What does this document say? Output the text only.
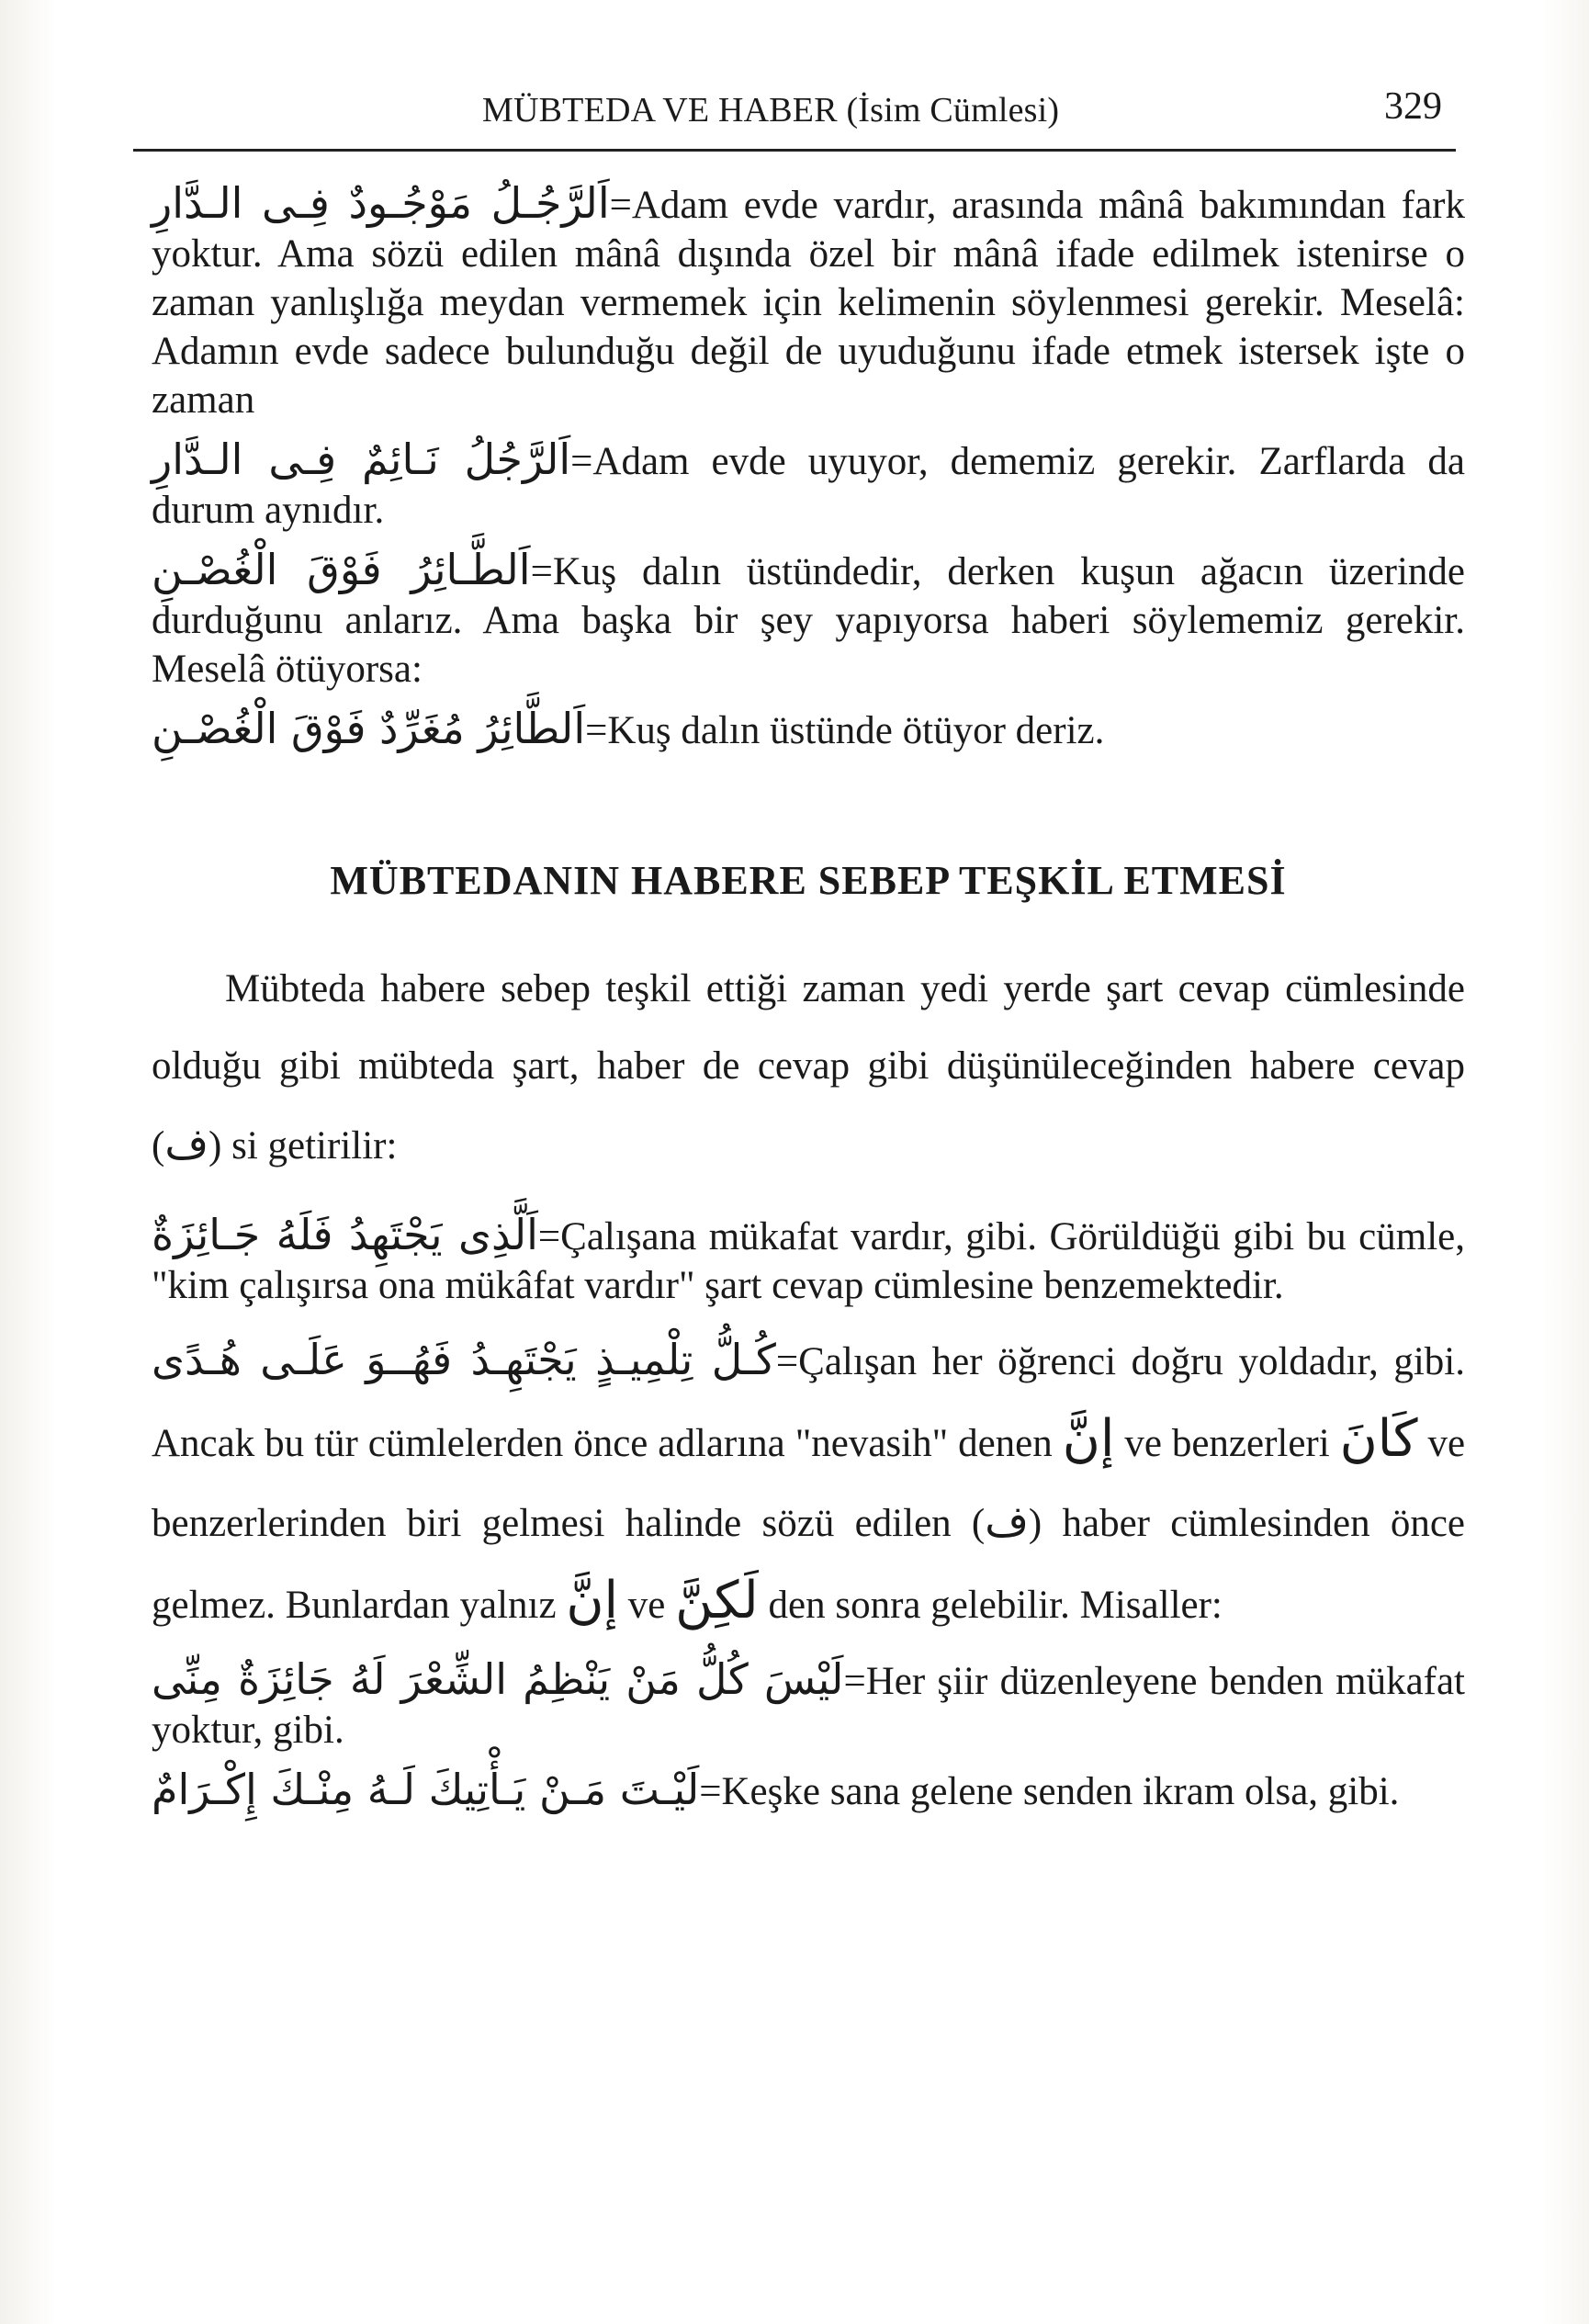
MÜBTEDA VE HABER (İsim Cümlesi)	329

اَلرَّجُـلُ مَوْجُـودٌ فِـى الـدَّارِ=Adam evde vardır, arasında mânâ bakımından fark yoktur. Ama sözü edilen mânâ dışında özel bir mânâ ifade edilmek istenirse o zaman yanlışlığa meydan vermemek için kelimenin söylenmesi gerekir. Meselâ: Adamın evde sadece bulunduğu değil de uyuduğunu ifade etmek istersek işte o zaman

اَلرَّجُلُ نَـائِمٌ فِـى الـدَّارِ=Adam evde uyuyor, dememiz gerekir. Zarflarda da durum aynıdır.

اَلطَّـائِرُ فَوْقَ الْغُصْـنِ=Kuş dalın üstündedir, derken kuşun ağacın üzerinde durduğunu anlarız. Ama başka bir şey yapıyorsa haberi söylememiz gerekir. Meselâ ötüyorsa:

اَلطَّائِرُ مُغَرِّدٌ فَوْقَ الْغُصْـنِ=Kuş dalın üstünde ötüyor deriz.

MÜBTEDANIN HABERE SEBEP TEŞKİL ETMESİ

Mübteda habere sebep teşkil ettiği zaman yedi yerde şart cevap cümlesinde olduğu gibi mübteda şart, haber de cevap gibi düşünüleceğinden habere cevap (ف) si getirilir:

اَلَّذِى يَجْتَهِدُ فَلَهُ جَـائِزَةٌ=Çalışana mükafat vardır, gibi. Görüldüğü gibi bu cümle, "kim çalışırsa ona mükâfat vardır" şart cevap cümlesine benzemektedir.

كُـلُّ تِلْمِيـذٍ يَجْتَهِـدُ فَهُــوَ عَلَـى هُـدًى=Çalışan her öğrenci doğru yoldadır, gibi. Ancak bu tür cümlelerden önce adlarına "nevasih" denen إنَّ ve benzerleri كَانَ ve benzerlerinden biri gelmesi halinde sözü edilen (ف) haber cümlesinden önce gelmez. Bunlardan yalnız إنَّ ve لَكِنَّ den sonra gelebilir. Misaller:

لَيْسَ كُلُّ مَنْ يَنْظِمُ الشِّعْرَ لَهُ جَائِزَةٌ مِنِّى=Her şiir düzenleyene benden mükafat yoktur, gibi.

لَيْـتَ مَـنْ يَـأْتِيكَ لَـهُ مِنْـكَ إِكْـرَامٌ=Keşke sana gelene senden ikram olsa, gibi.
